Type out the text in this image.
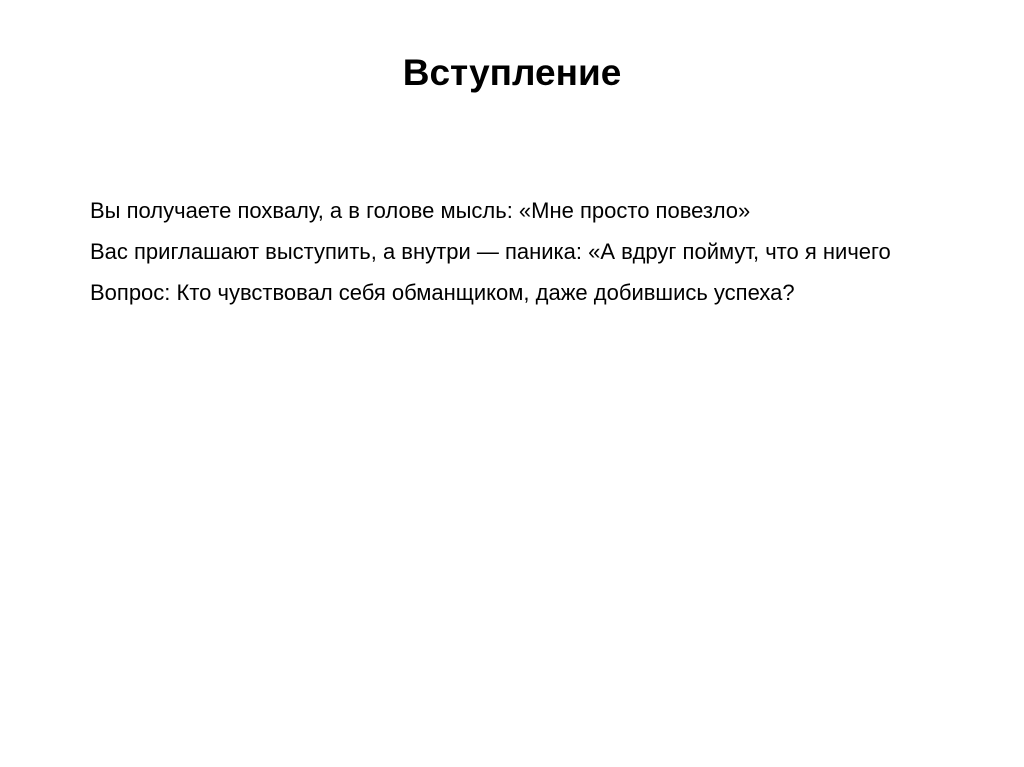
Вступление
Вы получаете похвалу, а в голове мысль: «Мне просто повезло»
Вас приглашают выступить, а внутри — паника: «А вдруг поймут, что я ничего
Вопрос: Кто чувствовал себя обманщиком, даже добившись успеха?
